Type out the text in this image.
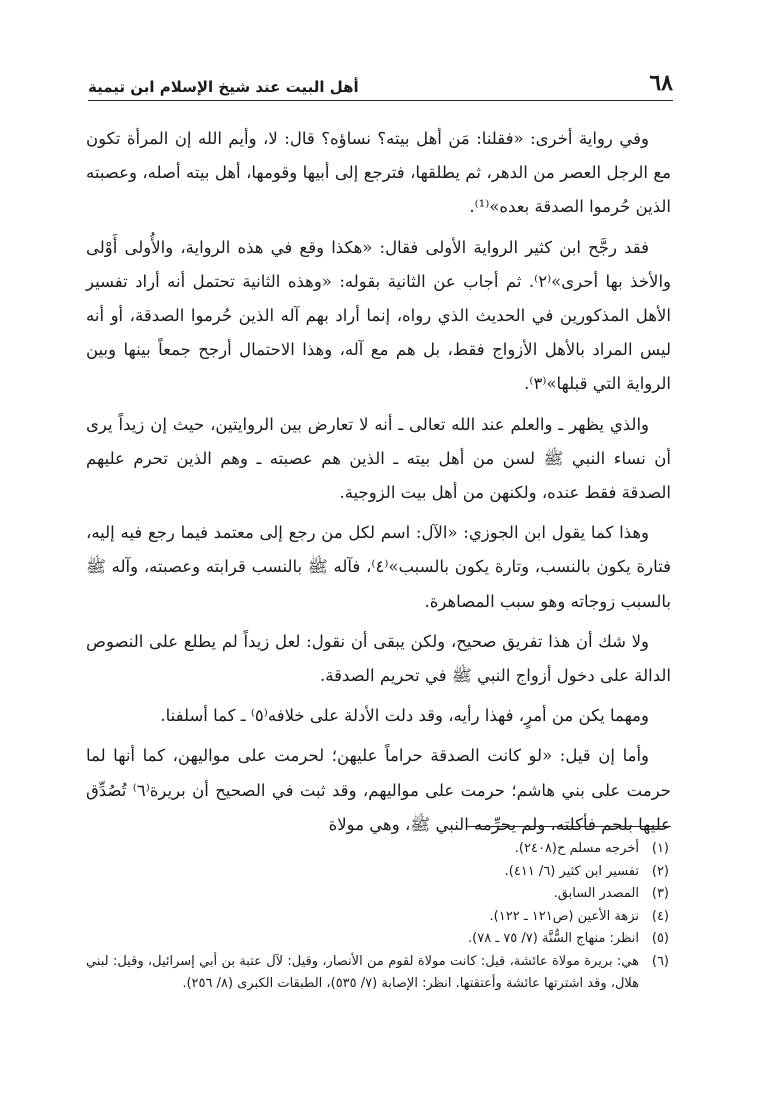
٦٨
أهل البيت عند شيخ الإسلام ابن تيمية

وفي رواية أخرى: «فقلنا: مَن أهل بيته؟ نساؤه؟ قال: لا، وأيم الله إن المرأة تكون مع الرجل العصر من الدهر، ثم يطلقها، فترجع إلى أبيها وقومها، أهل بيته أصله، وعصبته الذين حُرموا الصدقة بعده»⁽¹⁾.

فقد رجَّح ابن كثير الرواية الأولى فقال: «هكذا وقع في هذه الرواية، والأُولى أَوْلى والأخذ بها أحرى»⁽٢⁾. ثم أجاب عن الثانية بقوله: «وهذه الثانية تحتمل أنه أراد تفسير الأهل المذكورين في الحديث الذي رواه، إنما أراد بهم آله الذين حُرموا الصدقة، أو أنه ليس المراد بالأهل الأزواج فقط، بل هم مع آله، وهذا الاحتمال أرجح جمعاً بينها وبين الرواية التي قبلها»⁽٣⁾.

والذي يظهر ـ والعلم عند الله تعالى ـ أنه لا تعارض بين الروايتين، حيث إن زيداً يرى أن نساء النبي ﷺ لسن من أهل بيته ـ الذين هم عصبته ـ وهم الذين تحرم عليهم الصدقة فقط عنده، ولكنهن من أهل بيت الزوجية.

وهذا كما يقول ابن الجوزي: «الآل: اسم لكل من رجع إلى معتمد فيما رجع فيه إليه، فتارة يكون بالنسب، وتارة يكون بالسبب»⁽٤⁾، فآله ﷺ بالنسب قرابته وعصبته، وآله ﷺ بالسبب زوجاته وهو سبب المصاهرة.

ولا شك أن هذا تفريق صحيح، ولكن يبقى أن نقول: لعل زيداً لم يطلع على النصوص الدالة على دخول أزواج النبي ﷺ في تحريم الصدقة.

ومهما يكن من أمرٍ، فهذا رأيه، وقد دلت الأدلة على خلافه⁽٥⁾ ـ كما أسلفنا.

وأما إن قيل: «لو كانت الصدقة حراماً عليهن؛ لحرمت على مواليهن، كما أنها لما حرمت على بني هاشم؛ حرمت على مواليهم، وقد ثبت في الصحيح أن بريرة⁽٦⁾ تُصُدِّق عليها بلحم فأكلته، ولم يحرِّمه النبي ﷺ، وهي مولاة

(١)
أخرجه مسلم ح(٢٤٠٨).
(٢)
تفسير ابن كثير (٦/ ٤١١).
(٣)
المصدر السابق.
(٤)
نزهة الأعين (ص١٢١ ـ ١٢٢).
(٥)
انظر: منهاج السُّنَّة (٧/ ٧٥ ـ ٧٨).
(٦)
هي: بريرة مولاة عائشة، قيل: كانت مولاة لقوم من الأنصار، وقيل: لآل عتبة بن أبي إسرائيل، وقيل: لبني هلال، وقد اشترتها عائشة وأعتقتها. انظر: الإصابة (٧/ ٥٣٥)، الطبقات الكبرى (٨/ ٢٥٦).
